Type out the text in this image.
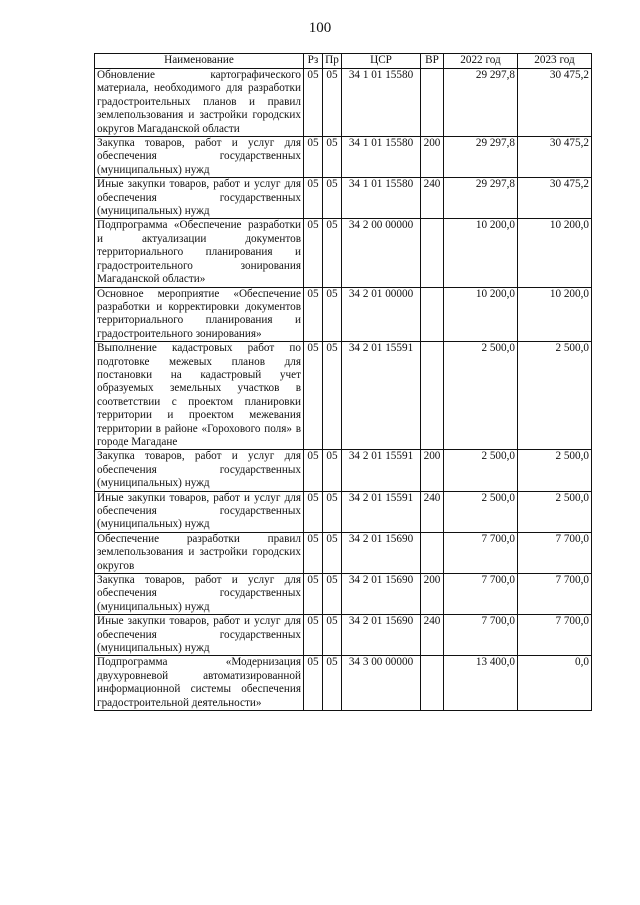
100
Наименование	Рз	Пр	ЦСР	ВР	2022 год	2023 год
Обновление картографического материала, необходимого для разработки градостроительных планов и правил землепользования и застройки городских округов Магаданской области	05	05	34 1 01 15580		29 297,8	30 475,2
Закупка товаров, работ и услуг для обеспечения государственных (муниципальных) нужд	05	05	34 1 01 15580	200	29 297,8	30 475,2
Иные закупки товаров, работ и услуг для обеспечения государственных (муниципальных) нужд	05	05	34 1 01 15580	240	29 297,8	30 475,2
Подпрограмма «Обеспечение разработки и актуализации документов территориального планирования и градостроительного зонирования Магаданской области»	05	05	34 2 00 00000		10 200,0	10 200,0
Основное мероприятие «Обеспечение разработки и корректировки документов территориального планирования и градостроительного зонирования»	05	05	34 2 01 00000		10 200,0	10 200,0
Выполнение кадастровых работ по подготовке межевых планов для постановки на кадастровый учет образуемых земельных участков в соответствии с проектом планировки территории и проектом межевания территории в районе «Горохового поля» в городе Магадане	05	05	34 2 01 15591		2 500,0	2 500,0
Закупка товаров, работ и услуг для обеспечения государственных (муниципальных) нужд	05	05	34 2 01 15591	200	2 500,0	2 500,0
Иные закупки товаров, работ и услуг для обеспечения государственных (муниципальных) нужд	05	05	34 2 01 15591	240	2 500,0	2 500,0
Обеспечение разработки правил землепользования и застройки городских округов	05	05	34 2 01 15690		7 700,0	7 700,0
Закупка товаров, работ и услуг для обеспечения государственных (муниципальных) нужд	05	05	34 2 01 15690	200	7 700,0	7 700,0
Иные закупки товаров, работ и услуг для обеспечения государственных (муниципальных) нужд	05	05	34 2 01 15690	240	7 700,0	7 700,0
Подпрограмма «Модернизация двухуровневой автоматизированной информационной системы обеспечения градостроительной деятельности»	05	05	34 3 00 00000		13 400,0	0,0
